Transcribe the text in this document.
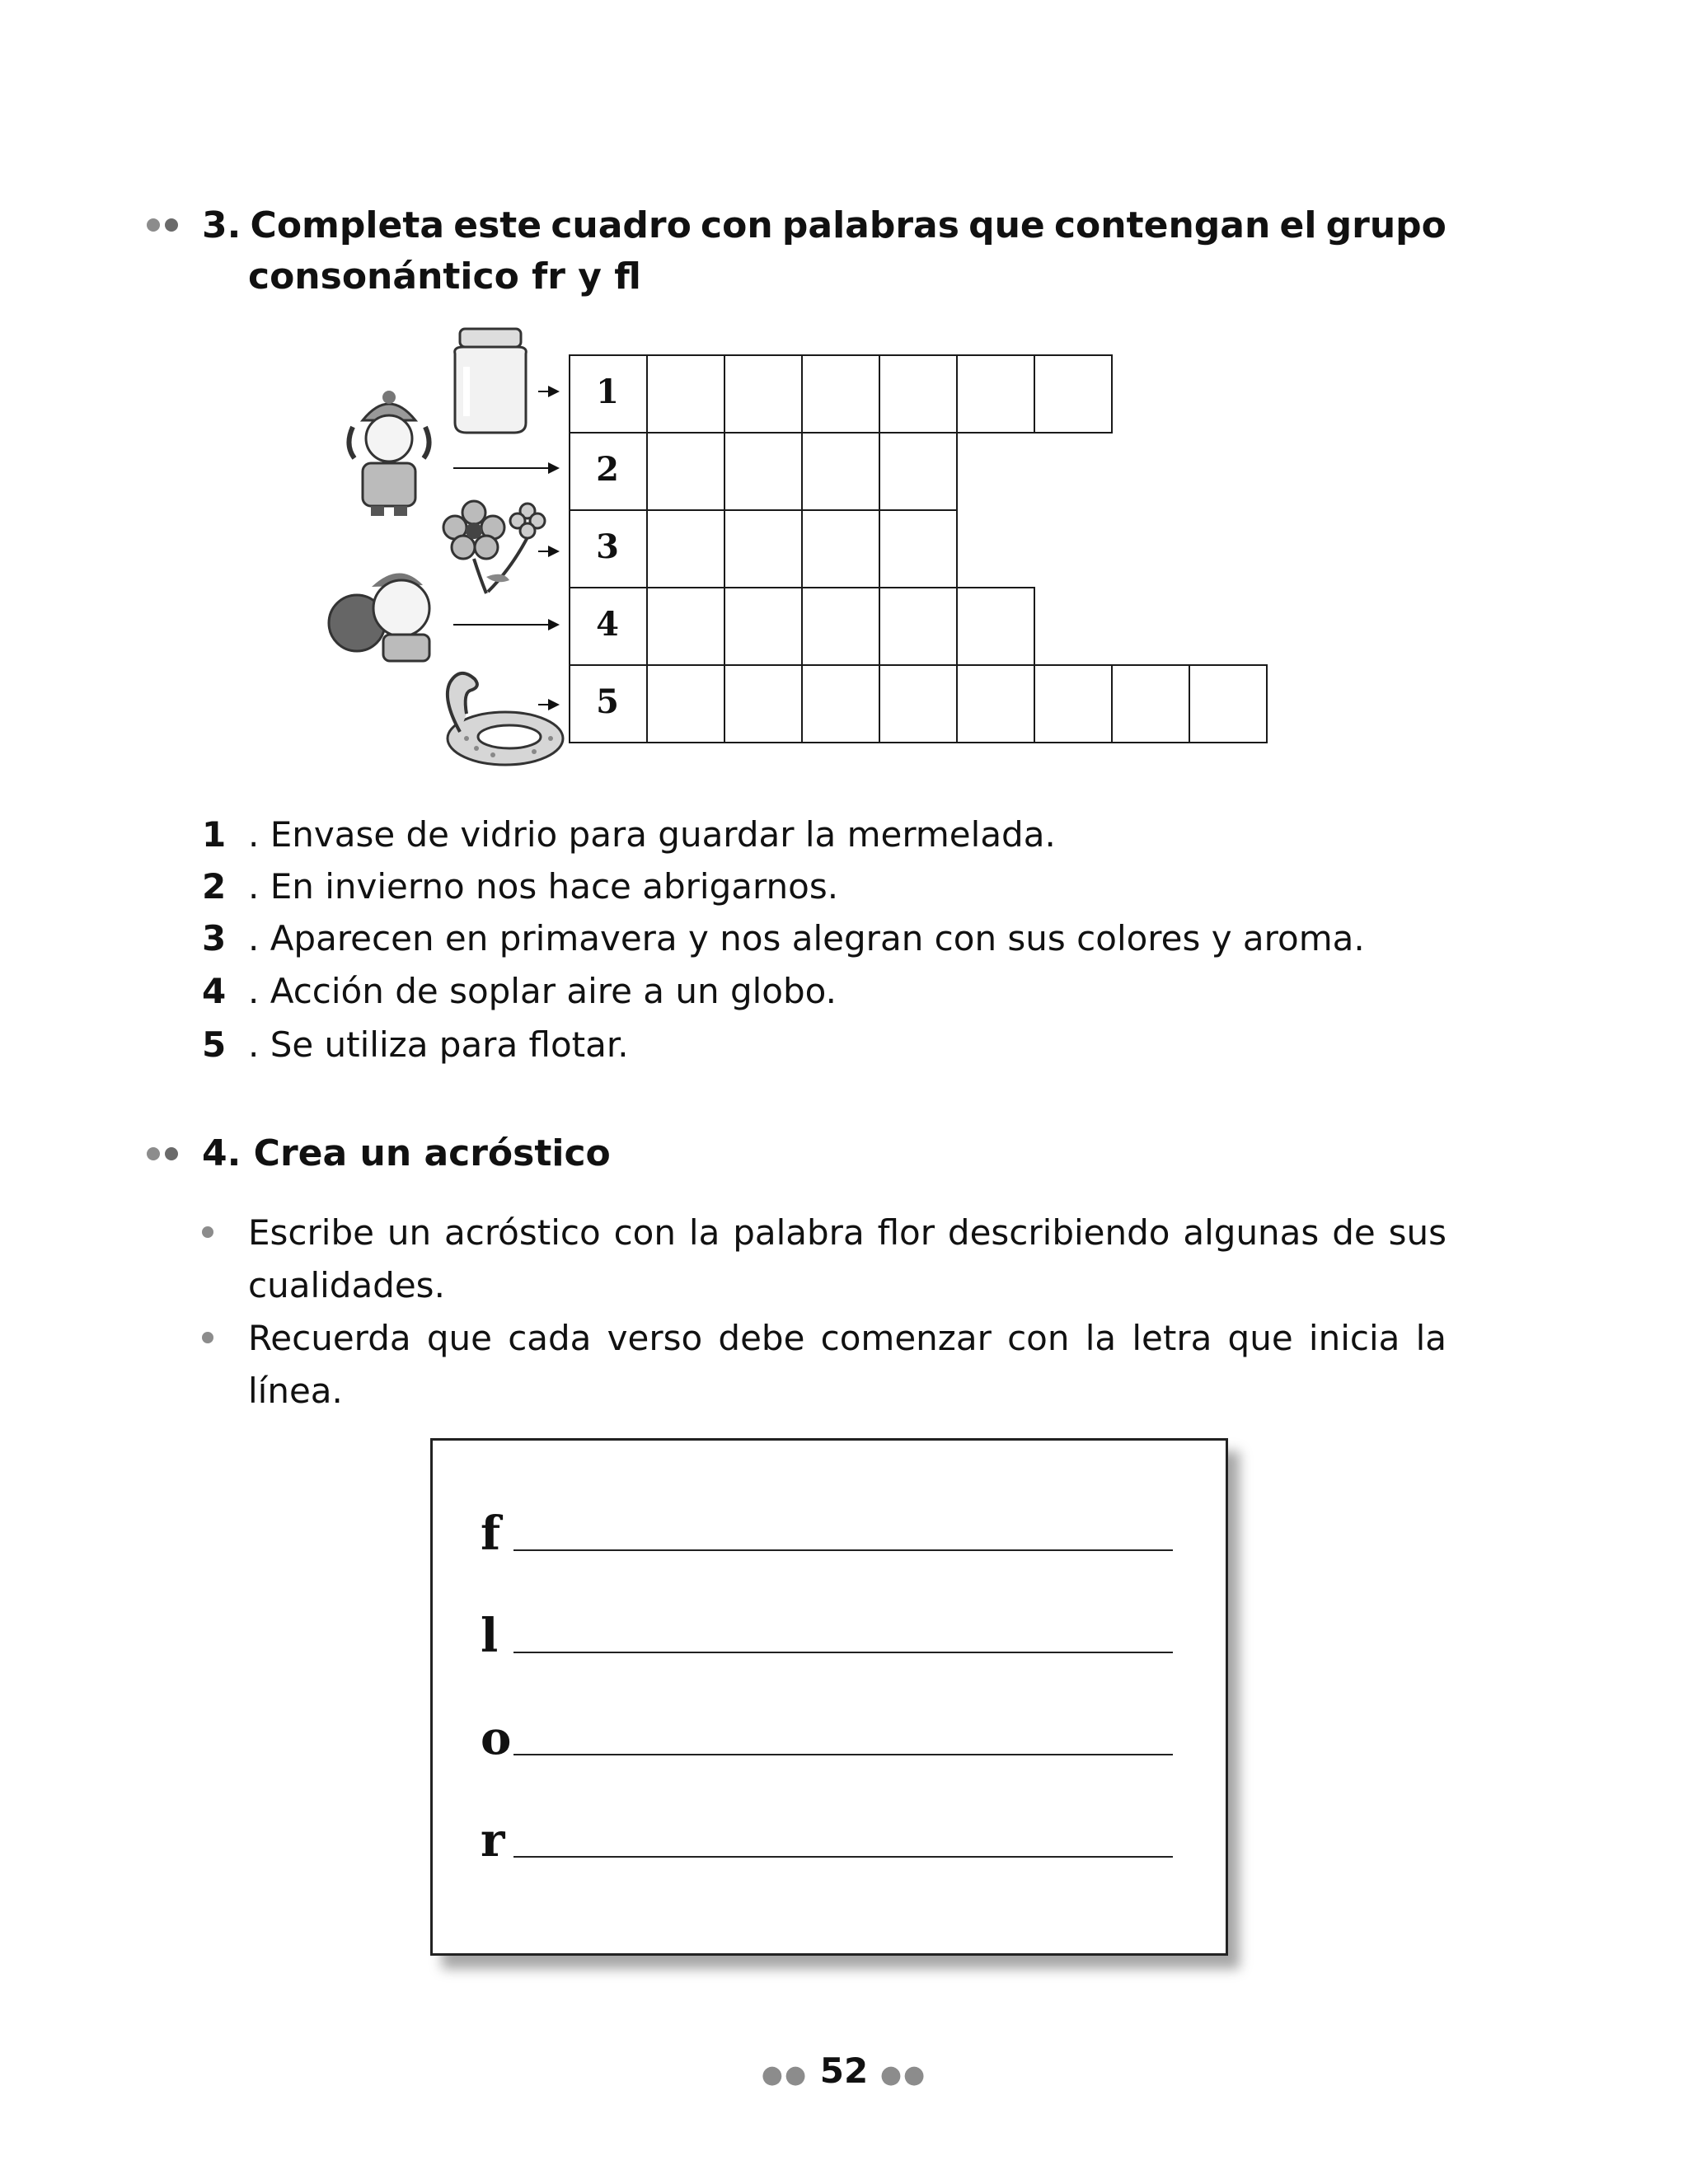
3. Completa este cuadro con palabras que contengan el grupo
consonántico fr y fl
1
2
3
4
5
1 . Envase de vidrio para guardar la mermelada.
2 . En invierno nos hace abrigarnos.
3 . Aparecen en primavera y nos alegran con sus colores y aroma.
4 . Acción de soplar aire a un globo.
5 . Se utiliza para flotar.
4. Crea un acróstico
Escribe un acróstico con la palabra flor describiendo algunas de sus
cualidades.
Recuerda que cada verso debe comenzar con la letra que inicia la
línea.
f
l
o
r
●● 52 ●●
